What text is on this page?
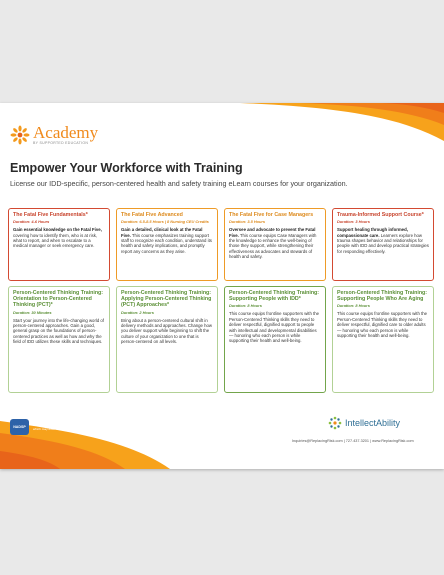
Academy
BY SUPPORTED EDUCATION
Empower Your Workforce with Training
License our IDD-specific, person-centered health and safety training eLearn courses for your organization.
The Fatal Five Fundamentals*
Duration: 4-6 Hours
Gain essential knowledge on the Fatal Five, covering how to identify them, who is at risk, what to report, and when to escalate to a medical manager or seek emergency care.
The Fatal Five Advanced
Duration: 6.5-8.5 Hours | 8 Nursing CEU Credits
Gain a detailed, clinical look at the Fatal Five. This course emphasizes training support staff to recognize each condition, understand its health and safety implications, and promptly report any concerns as they arise.
The Fatal Five for Case Managers
Duration: 3.5 Hours
Oversee and advocate to prevent the Fatal Five. This course equips Case Managers with the knowledge to enhance the well-being of those they support, while strengthening their effectiveness as advocates and stewards of health and safety.
Trauma-Informed Support Course*
Duration: 3 Hours
Support healing through informed, compassionate care. Learners explore how trauma shapes behavior and relationships for people with IDD and develop practical strategies for responding effectively.
Person-Centered Thinking Training: Orientation to Person-Centered Thinking (PCT)*
Duration: 30 Minutes
Start your journey into the life-changing world of person-centered approaches. Gain a good, general grasp on the foundations of person-centered practices as well as how and why the field of IDD utilizes these skills and techniques.
Person-Centered Thinking Training: Applying Person-Centered Thinking (PCT) Approaches*
Duration: 2 Hours
Bring about a person-centered cultural shift in delivery methods and approaches. Change how you deliver support while beginning to shift the culture of your organization to one that is person-centered on all levels.
Person-Centered Thinking Training: Supporting People with IDD*
Duration: 8 Hours
This course equips frontline supporters with the Person-Centered Thinking skills they need to deliver respectful, dignified support to people with intellectual and developmental disabilities — honoring who each person is while supporting their health and well-being.
Person-Centered Thinking Training: Supporting People Who Are Aging
Duration: 8 Hours
This course equips frontline supporters with the Person-Centered Thinking skills they need to deliver respectful, dignified care to older adults — honoring who each person is while supporting their health and well-being.
NADSP
* This course is accredited by the National Alliance for Direct Support Professionals. Credit is awarded based on the runtime of the course, which may differ slightly from the course duration times above.
IntellectAbility
Inquiries@ReplacingRisk.com | 727.437.3201 | www.ReplacingRisk.com
